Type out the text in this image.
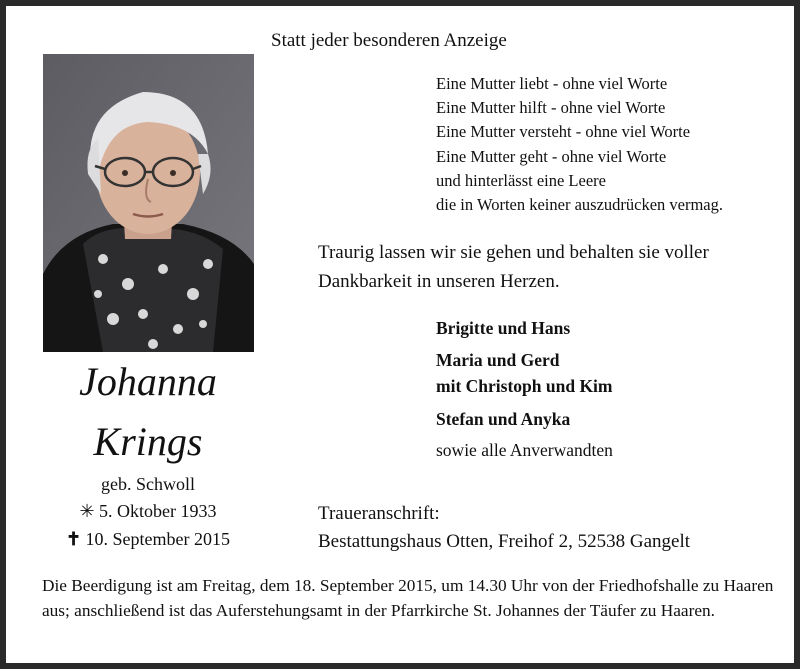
Statt jeder besonderen Anzeige
Johanna
Krings
geb. Schwoll
✳ 5. Oktober 1933
✝ 10. September 2015
Eine Mutter liebt - ohne viel Worte
Eine Mutter hilft - ohne viel Worte
Eine Mutter versteht - ohne viel Worte
Eine Mutter geht - ohne viel Worte
und hinterlässt eine Leere
die in Worten keiner auszudrücken vermag.
Traurig lassen wir sie gehen und behalten sie voller
Dankbarkeit in unseren Herzen.
Brigitte und Hans
Maria und Gerd
mit Christoph und Kim
Stefan und Anyka
sowie alle Anverwandten
Traueranschrift:
Bestattungshaus Otten, Freihof 2, 52538 Gangelt
Die Beerdigung ist am Freitag, dem 18. September 2015, um 14.30 Uhr von der Friedhofshalle zu Haaren aus; anschließend ist das Auferstehungsamt in der Pfarrkirche St. Johannes der Täufer zu Haaren.
